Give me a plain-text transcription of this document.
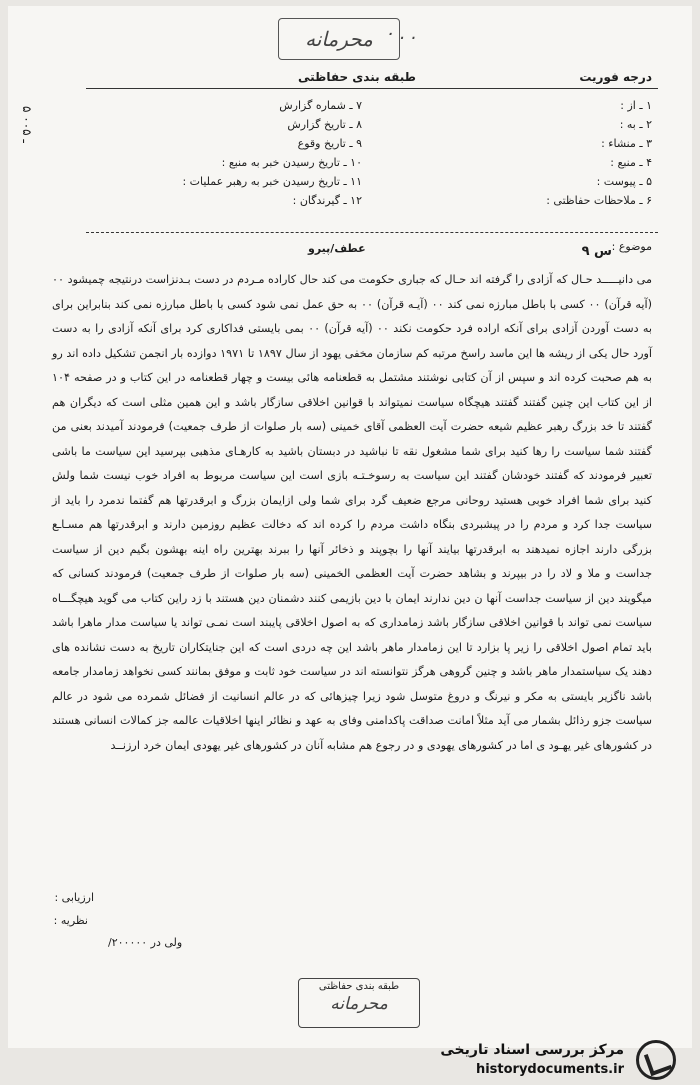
محرمانه ۰ . .
طبقه بندی حفاظتی	درجه فوریت
۱ ـ از :
۲ ـ به :
۳ ـ منشاء :
۴ ـ منبع :
۵ ـ پیوست :
۶ ـ ملاحظات حفاظتی :
۷ ـ شماره گزارش
۸ ـ تاریخ گزارش
۹ ـ تاریخ وقوع
۱۰ ـ تاریخ رسیدن خبر به منبع :
۱۱ ـ تاریخ رسیدن خبر به رهبر عملیات :
۱۲ ـ گیرندگان :
۵ ـ ۰۰۵
موضوع :
عطف/پیرو	س ۹

می دانیـــــد حـال که آزادی را گرفته اند حـال که جباری حکومت می کند حال کاراده مـردم در دست بـدنزاست درنتیجه چمیشود ۰۰ (آیه قرآن) ۰۰ کسی با باطل مبارزه نمی کند ۰۰ (آیـه قرآن) ۰۰ به حق عمل نمی شود کسی با باطل مبارزه نمی کند بنابراین برای به دست آوردن آزادی برای آنکه اراده فرد حکومت نکند ۰۰ (آیه قرآن) ۰۰ بمی بایستی فداکاری کرد برای آنکه آزادی را به دست آورد حال یکی از ریشه ها این ماسد راسخ مرتبه کم سازمان مخفی یهود از سال ۱۸۹۷ تا ۱۹۷۱ دوازده بار انجمن تشکیل داده اند رو به هم صحبت کرده اند و سپس از آن کتابی نوشتند مشتمل به قطعنامه هائی بیست و چهار قطعنامه در این کتاب و در صفحه ۱۰۴ از این کتاب این چنین گفتند گفتند هیچگاه سیاست نمیتواند با قوانین اخلاقی سازگار باشد و این همین مثلی است که دیگران هم گفتند تا خد بزرگ رهبر عظیم شیعه حضرت آیت العظمی آقای خمینی (سه بار صلوات از طرف جمعیت) فرمودند آمیدند بعنی من گفتند شما سیاست را رها کنید برای شما مشغول نقه تا نباشید در دبستان باشید به کارهـای مذهبی بپرسید این سیاست ما باشی تعبیر فرمودند که گفتند خودشان گفتند این سیاست به رسوخـتـه بازی است این سیاست مربوط به افراد خوب نیست شما ولش کنید برای شما افراد خوبی هستید روحانی مرجع ضعیف گرد برای شما ولی ازایمان بزرگ و ابرقدرتها هم گفتما ندمرد را باید از سیاست جدا کرد و مردم را در پیشبردی بنگاه داشت مردم را کرده اند که دخالت عظیم روزمین دارند و ابرقدرتها هم مسـاـع بزرگی دارند اجازه نمیدهند به ابرقدرتها بیایند آنها را بچوپند و ذخائر آنها را ببرند بهترین راه اینه بهشون بگیم دین از سیاست جداست و ملا و لاد را در بیپرند و بشاهد حضرت آیت العظمی الخمینی (سه بار صلوات از طرف جمعیت) فرمودند کسانی که میگویند دین از سیاست جداست آنها ن دین ندارند ایمان با دین بازیمی کنند دشمنان دین هستند با زد راین کتاب می گوید هیچگـــاه سیاست نمی تواند با قوانین اخلاقی سازگار باشد زمامداری که به اصول اخلاقی پایبند است نمـی تواند یا سیاست مدار ماهرا باشد باید تمام اصول اخلاقی را زیر پا بزارد تا این زمامدار ماهر باشد این چه دردی است که این جنایتکاران تاریخ به دست نشانده های دهند یک سیاستمدار ماهر باشد و چنین گروهی هرگز نتوانسته اند در سیاست خود ثابت و موفق بمانند کسی نخواهد زمامدار جامعه باشد ناگزیر بایستی به مکر و نیرنگ و دروغ متوسل شود زیرا چیزهائی که در عالم انسانیت از فضائل شمرده می شود در عالم سیاست جزو رذائل بشمار می آید مثلاً امانت صداقت پاکدامنی وفای به عهد و نظائر اینها اخلاقیات عالمه جز کمالات انسانی هستند در کشورهای غیر یهـود ی اما در کشورهای یهودی و در رجوع هم مشابه آنان در کشورهای غیر یهودی ایمان خرد ارزنــد

ارزیابی :
نظریه :
ولی در ۲۰۰۰۰۰/
طبقه بندی حفاظتی
محرمانه
مرکز بررسی اسناد تاریخی
historydocuments.ir
